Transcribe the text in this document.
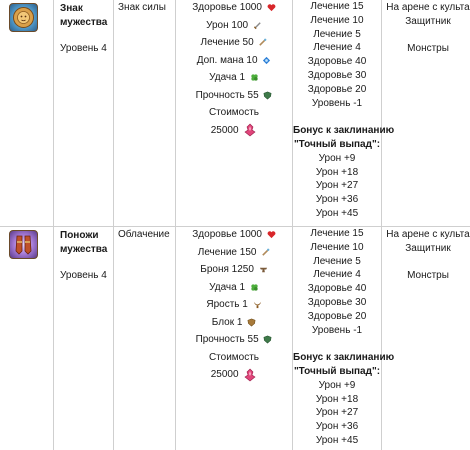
Знак мужества
Уровень 4
Знак силы	Здоровье 1000
Урон 100
Лечение 50
Доп. мана 10
Удача 1
Прочность 55
Стоимость
25000
Лечение 15
Лечение 10
Лечение 5
Лечение 4
Здоровье 40
Здоровье 30
Здоровье 20
Уровень -1
Бонус к заклинанию
"Точный выпад":
Урон +9
Урон +18
Урон +27
Урон +36
Урон +45
На арене с культа
Защитник
Монстры
Поножи мужества
Уровень 4
Облачение	Здоровье 1000
Лечение 150
Броня 1250
Удача 1
Ярость 1
Блок 1
Прочность 55
Стоимость
25000
Лечение 15
Лечение 10
Лечение 5
Лечение 4
Здоровье 40
Здоровье 30
Здоровье 20
Уровень -1
Бонус к заклинанию
"Точный выпад":
Урон +9
Урон +18
Урон +27
Урон +36
Урон +45
На арене с культа
Защитник
Монстры
